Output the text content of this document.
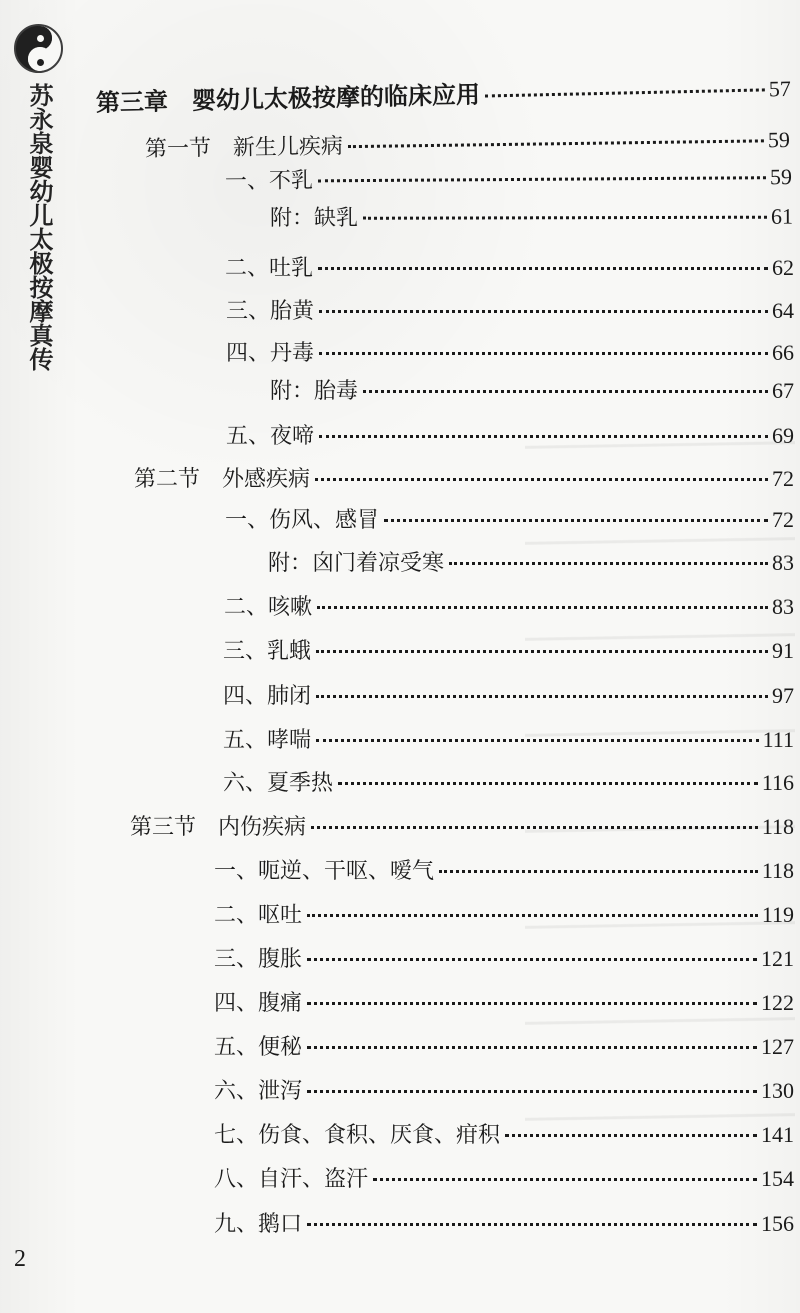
苏永泉婴幼儿太极按摩真传 第三章　婴幼儿太极按摩的临床应用	57
第一节　新生儿疾病	59
一、不乳	59
附：缺乳	61
二、吐乳	62
三、胎黄	64
四、丹毒	66
附：胎毒	67
五、夜啼	69
第二节　外感疾病	72
一、伤风、感冒	72
附：囟门着凉受寒	83
二、咳嗽	83
三、乳蛾	91
四、肺闭	97
五、哮喘	111
六、夏季热	116
第三节　内伤疾病	118
一、呃逆、干呕、嗳气	118
二、呕吐	119
三、腹胀	121
四、腹痛	122
五、便秘	127
六、泄泻	130
七、伤食、食积、厌食、疳积	141
八、自汗、盗汗	154
九、鹅口	156
2
